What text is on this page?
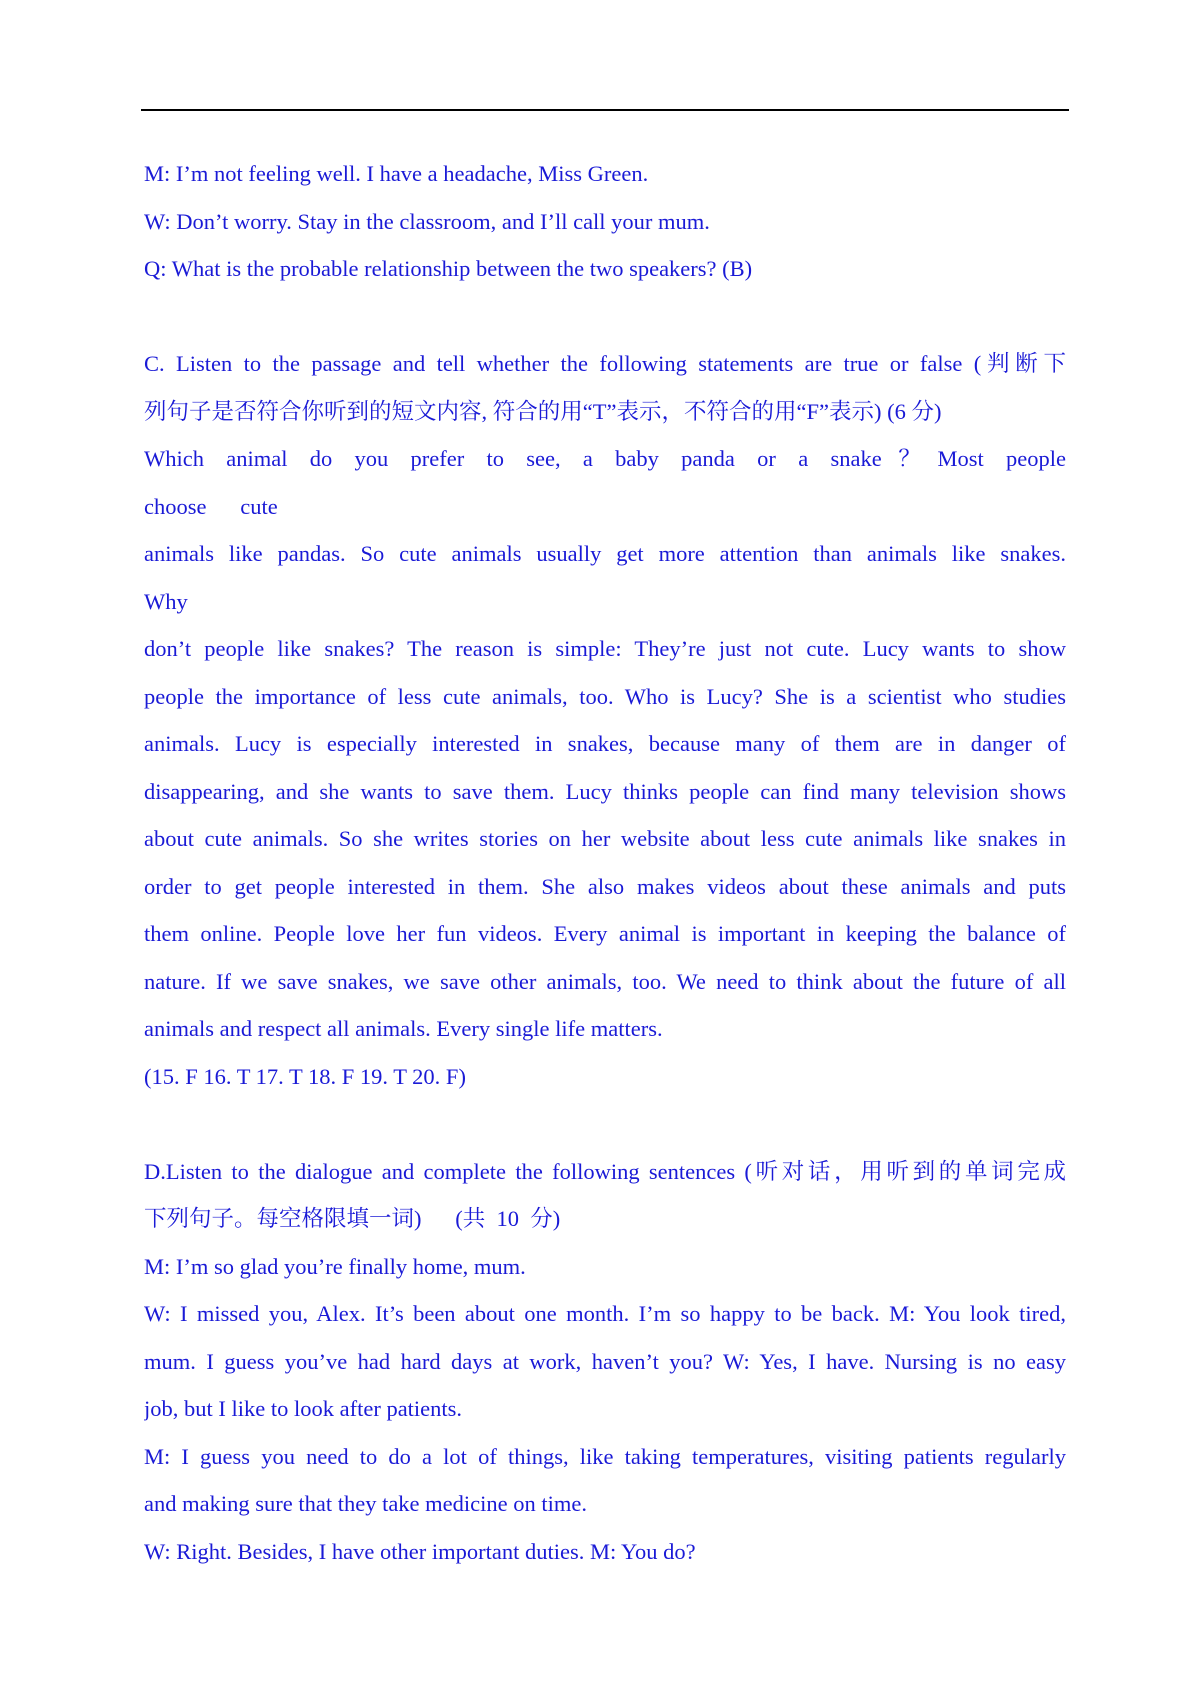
M: I’m not feeling well. I have a headache, Miss Green.
W: Don’t worry. Stay in the classroom, and I’ll call your mum.
Q: What is the probable relationship between the two speakers? (B)
C. Listen to the passage and tell whether the following statements are true or false (判断下
列句子是否符合你听到的短文内容, 符合的用“T”表示，不符合的用“F”表示) (6 分)
Which animal do you prefer to see, a baby panda or a snake？Most people
choose      cute
animals like pandas. So cute animals usually get more attention than animals like snakes.
Why
don’t people like snakes? The reason is simple: They’re just not cute. Lucy wants to show
people the importance of less cute animals, too. Who is Lucy? She is a scientist who studies
animals. Lucy is especially interested in snakes, because many of them are in danger of
disappearing, and she wants to save them. Lucy thinks people can find many television shows
about cute animals. So she writes stories on her website about less cute animals like snakes in
order to get people interested in them. She also makes videos about these animals and puts
them online. People love her fun videos. Every animal is important in keeping the balance of
nature. If we save snakes, we save other animals, too. We need to think about the future of all
animals and respect all animals. Every single life matters.
(15. F 16. T 17. T 18. F 19. T 20. F)
D.Listen to the dialogue and complete the following sentences (听对话，用听到的单词完成
下列句子。每空格限填一词)      (共  10  分)
M: I’m so glad you’re finally home, mum.
W: I missed you, Alex. It’s been about one month. I’m so happy to be back. M: You look tired,
mum. I guess you’ve had hard days at work, haven’t you? W: Yes, I have. Nursing is no easy
job, but I like to look after patients.
M: I guess you need to do a lot of things, like taking temperatures, visiting patients regularly
and making sure that they take medicine on time.
W: Right. Besides, I have other important duties. M: You do?
